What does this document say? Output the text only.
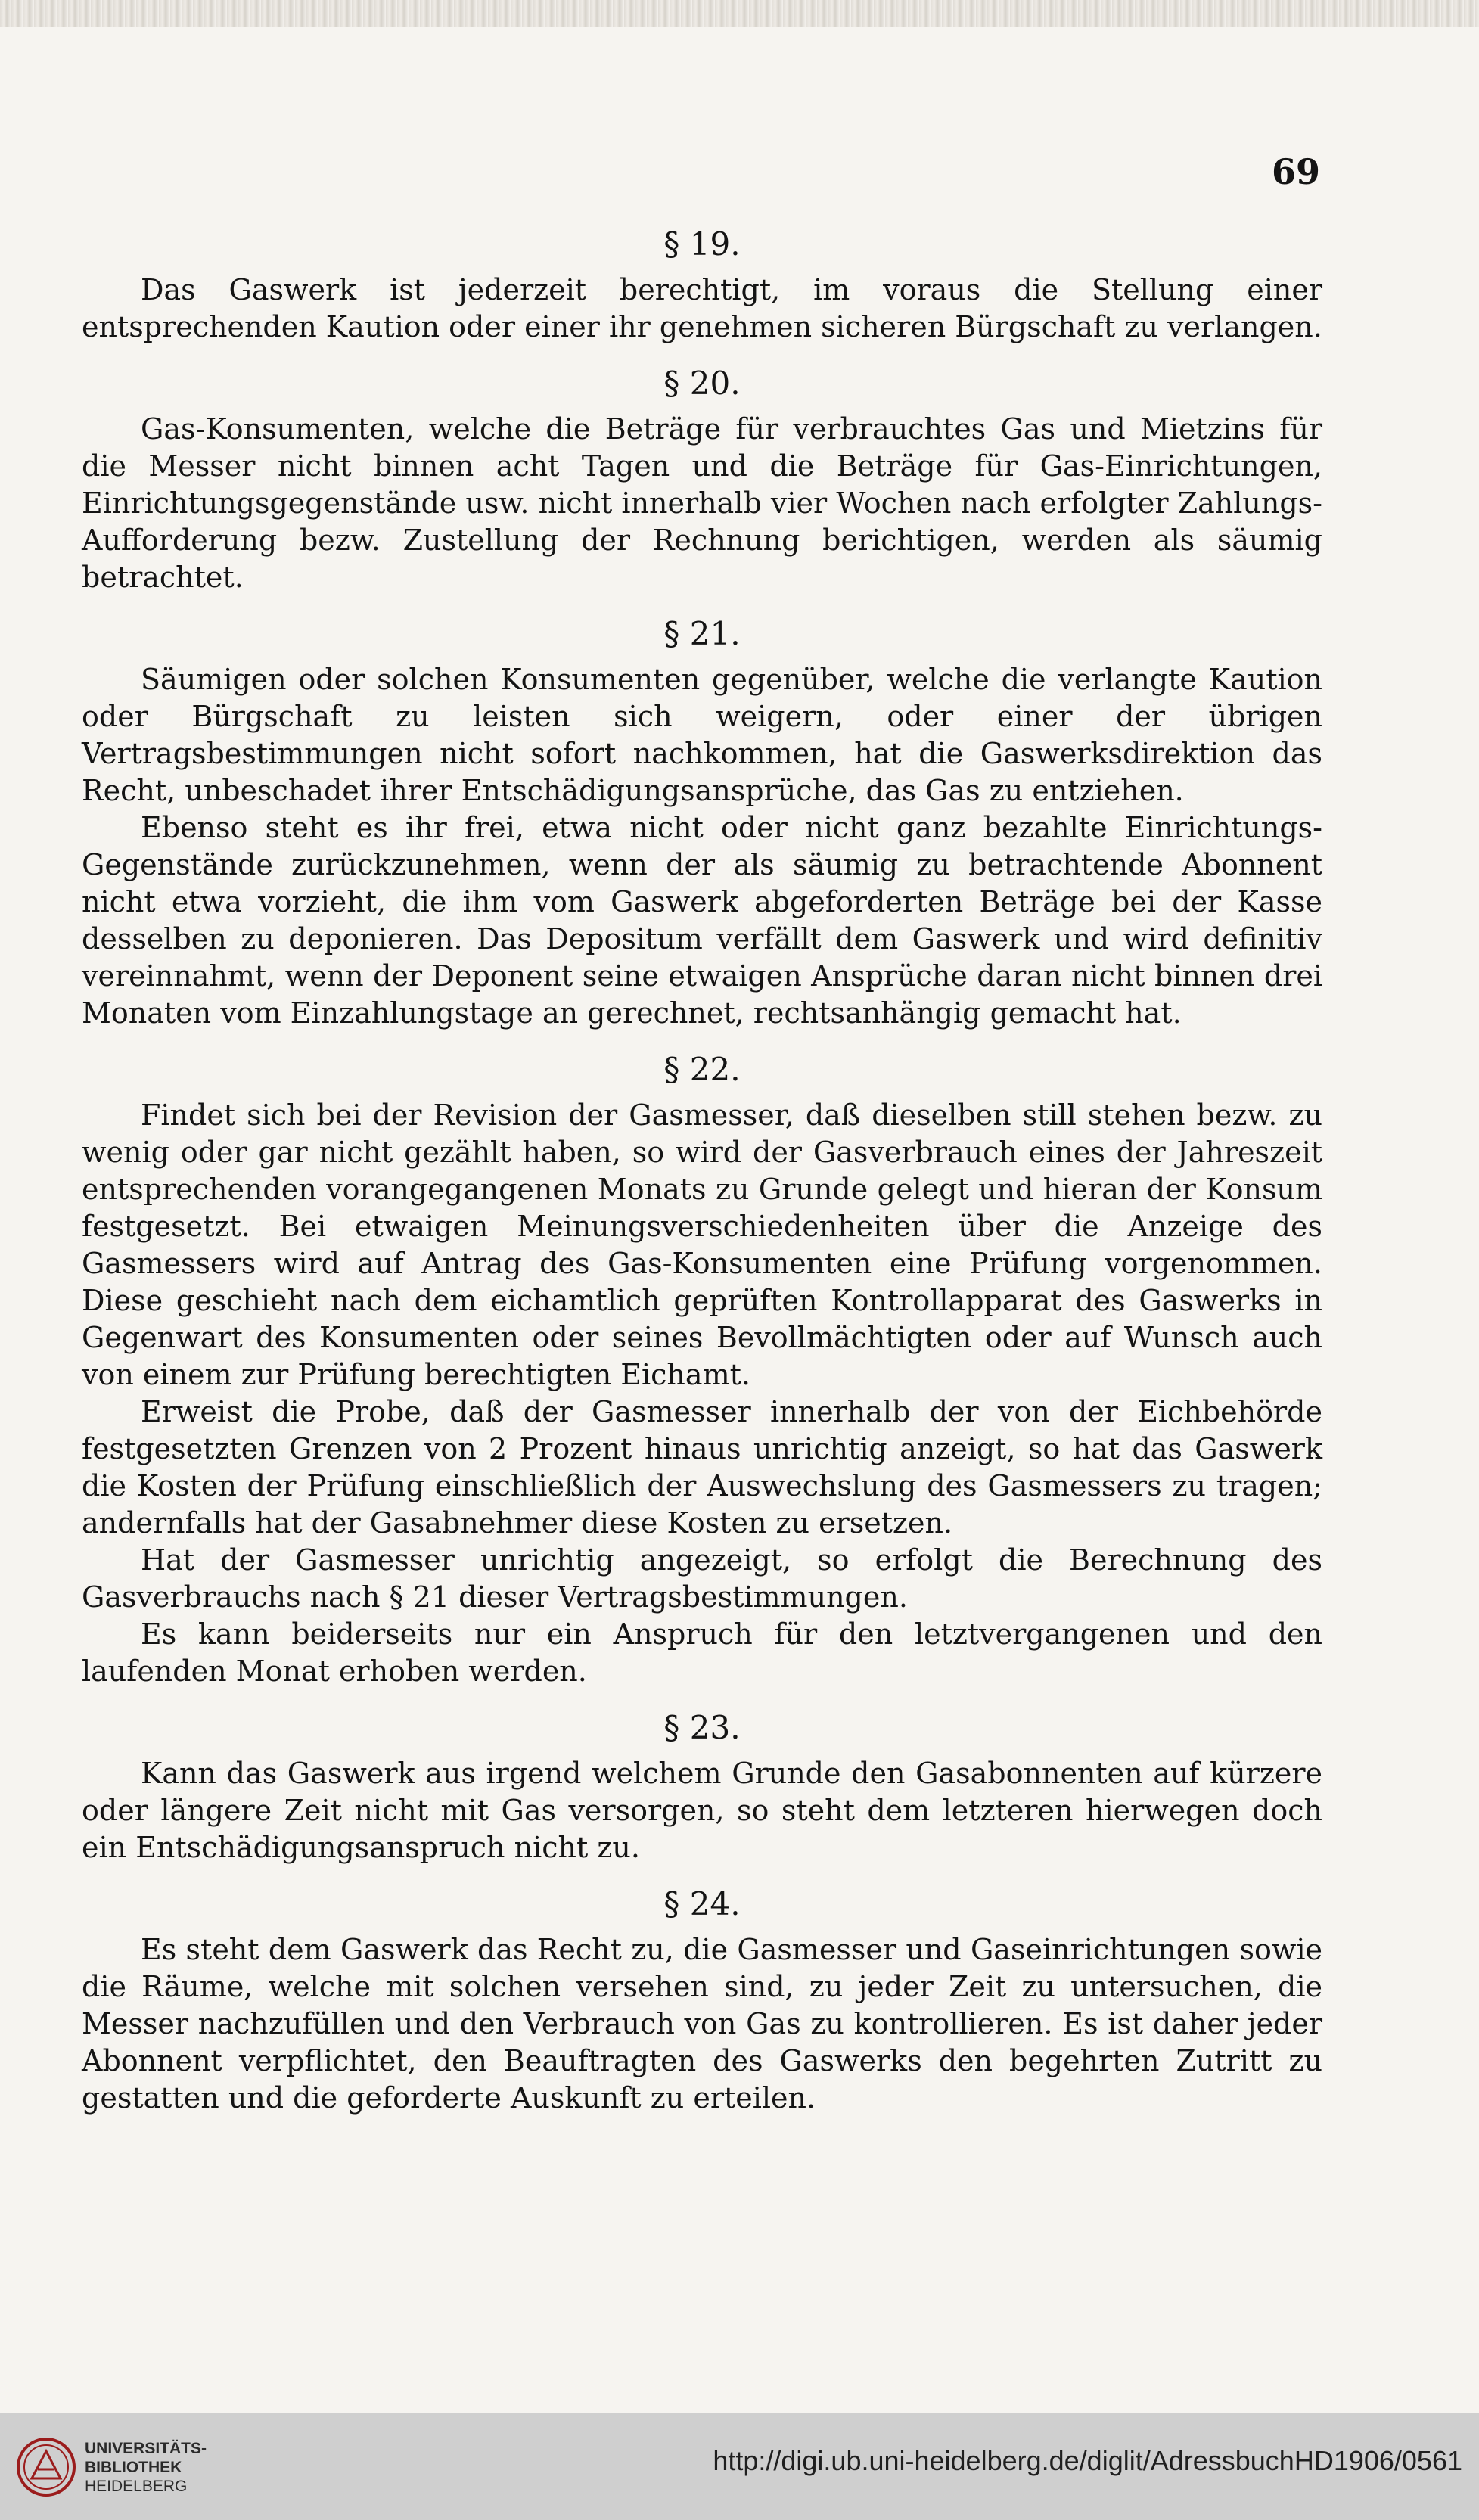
69
§ 19.

Das Gaswerk ist jederzeit berechtigt, im voraus die Stellung einer entsprechenden Kaution oder einer ihr genehmen sicheren Bürgschaft zu verlangen.

§ 20.

Gas-Konsumenten, welche die Beträge für verbrauchtes Gas und Mietzins für die Messer nicht binnen acht Tagen und die Beträge für Gas-Einrichtungen, Einrichtungsgegenstände usw. nicht innerhalb vier Wochen nach erfolgter Zahlungs-Aufforderung bezw. Zustellung der Rechnung berichtigen, werden als säumig betrachtet.

§ 21.

Säumigen oder solchen Konsumenten gegenüber, welche die verlangte Kaution oder Bürgschaft zu leisten sich weigern, oder einer der übrigen Vertragsbestimmungen nicht sofort nachkommen, hat die Gaswerksdirektion das Recht, unbeschadet ihrer Entschädigungsansprüche, das Gas zu entziehen.

Ebenso steht es ihr frei, etwa nicht oder nicht ganz bezahlte Einrichtungs-Gegenstände zurückzunehmen, wenn der als säumig zu betrachtende Abonnent nicht etwa vorzieht, die ihm vom Gaswerk abgeforderten Beträge bei der Kasse desselben zu deponieren. Das Depositum verfällt dem Gaswerk und wird definitiv vereinnahmt, wenn der Deponent seine etwaigen Ansprüche daran nicht binnen drei Monaten vom Einzahlungstage an gerechnet, rechtsanhängig gemacht hat.

§ 22.

Findet sich bei der Revision der Gasmesser, daß dieselben still stehen bezw. zu wenig oder gar nicht gezählt haben, so wird der Gasverbrauch eines der Jahreszeit entsprechenden vorangegangenen Monats zu Grunde gelegt und hieran der Konsum festgesetzt. Bei etwaigen Meinungsverschiedenheiten über die Anzeige des Gasmessers wird auf Antrag des Gas-Konsumenten eine Prüfung vorgenommen. Diese geschieht nach dem eichamtlich geprüften Kontrollapparat des Gaswerks in Gegenwart des Konsumenten oder seines Bevollmächtigten oder auf Wunsch auch von einem zur Prüfung berechtigten Eichamt.

Erweist die Probe, daß der Gasmesser innerhalb der von der Eichbehörde festgesetzten Grenzen von 2 Prozent hinaus unrichtig anzeigt, so hat das Gaswerk die Kosten der Prüfung einschließlich der Auswechslung des Gasmessers zu tragen; andernfalls hat der Gasabnehmer diese Kosten zu ersetzen.

Hat der Gasmesser unrichtig angezeigt, so erfolgt die Berechnung des Gasverbrauchs nach § 21 dieser Vertragsbestimmungen.

Es kann beiderseits nur ein Anspruch für den letztvergangenen und den laufenden Monat erhoben werden.

§ 23.

Kann das Gaswerk aus irgend welchem Grunde den Gasabonnenten auf kürzere oder längere Zeit nicht mit Gas versorgen, so steht dem letzteren hierwegen doch ein Entschädigungsanspruch nicht zu.

§ 24.

Es steht dem Gaswerk das Recht zu, die Gasmesser und Gaseinrichtungen sowie die Räume, welche mit solchen versehen sind, zu jeder Zeit zu untersuchen, die Messer nachzufüllen und den Verbrauch von Gas zu kontrollieren. Es ist daher jeder Abonnent verpflichtet, den Beauftragten des Gaswerks den begehrten Zutritt zu gestatten und die geforderte Auskunft zu erteilen.

UNIVERSITÄTS-
BIBLIOTHEK
HEIDELBERG
http://digi.ub.uni-heidelberg.de/diglit/AdressbuchHD1906/0561
